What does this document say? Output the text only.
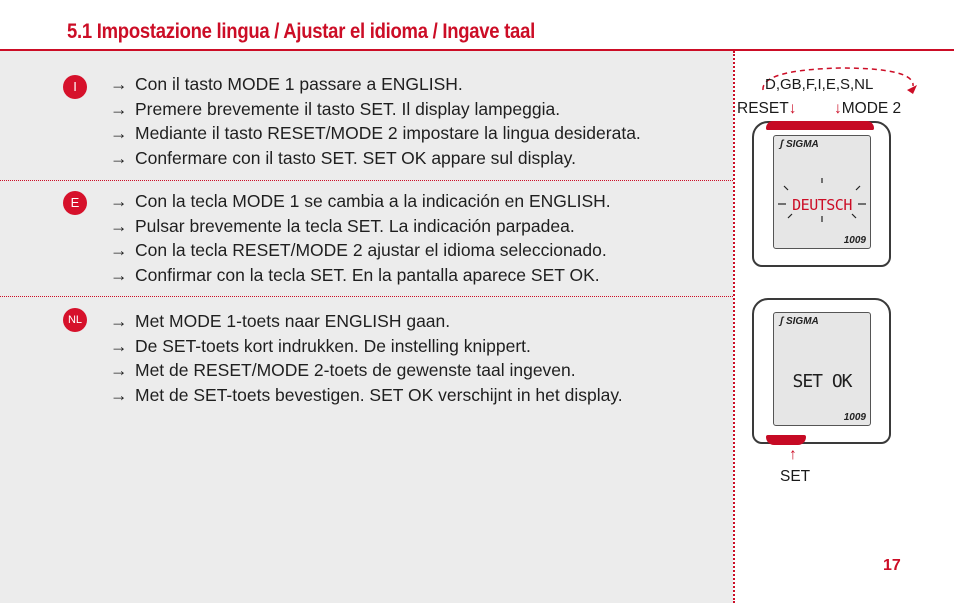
5.1 Impostazione lingua / Ajustar el idioma / Ingave taal
I	→ Con il tasto MODE 1 passare a ENGLISH.
→ Premere brevemente il tasto SET. Il display lampeggia.
→ Mediante il tasto RESET/MODE 2 impostare la lingua desiderata.
→ Confermare con il tasto SET. SET OK appare sul display.
E	→ Con la tecla MODE 1 se cambia a la indicación en ENGLISH.
→ Pulsar brevemente la tecla SET. La indicación parpadea.
→ Con la tecla RESET/MODE 2 ajustar el idioma seleccionado.
→ Confirmar con la tecla SET. En la pantalla aparece SET OK.
NL → Met MODE 1-toets naar ENGLISH gaan.
→ De SET-toets kort indrukken. De instelling knippert.
→ Met de RESET/MODE 2-toets de gewenste taal ingeven.
→ Met de SET-toets bevestigen. SET OK verschijnt in het display.
D,GB,F,I,E,S,NL
RESET↓ ↓MODE 2
ʃ SIGMA
DEUTSCH
1009
ʃ SIGMA
SET OK
1009
↑
SET
17
